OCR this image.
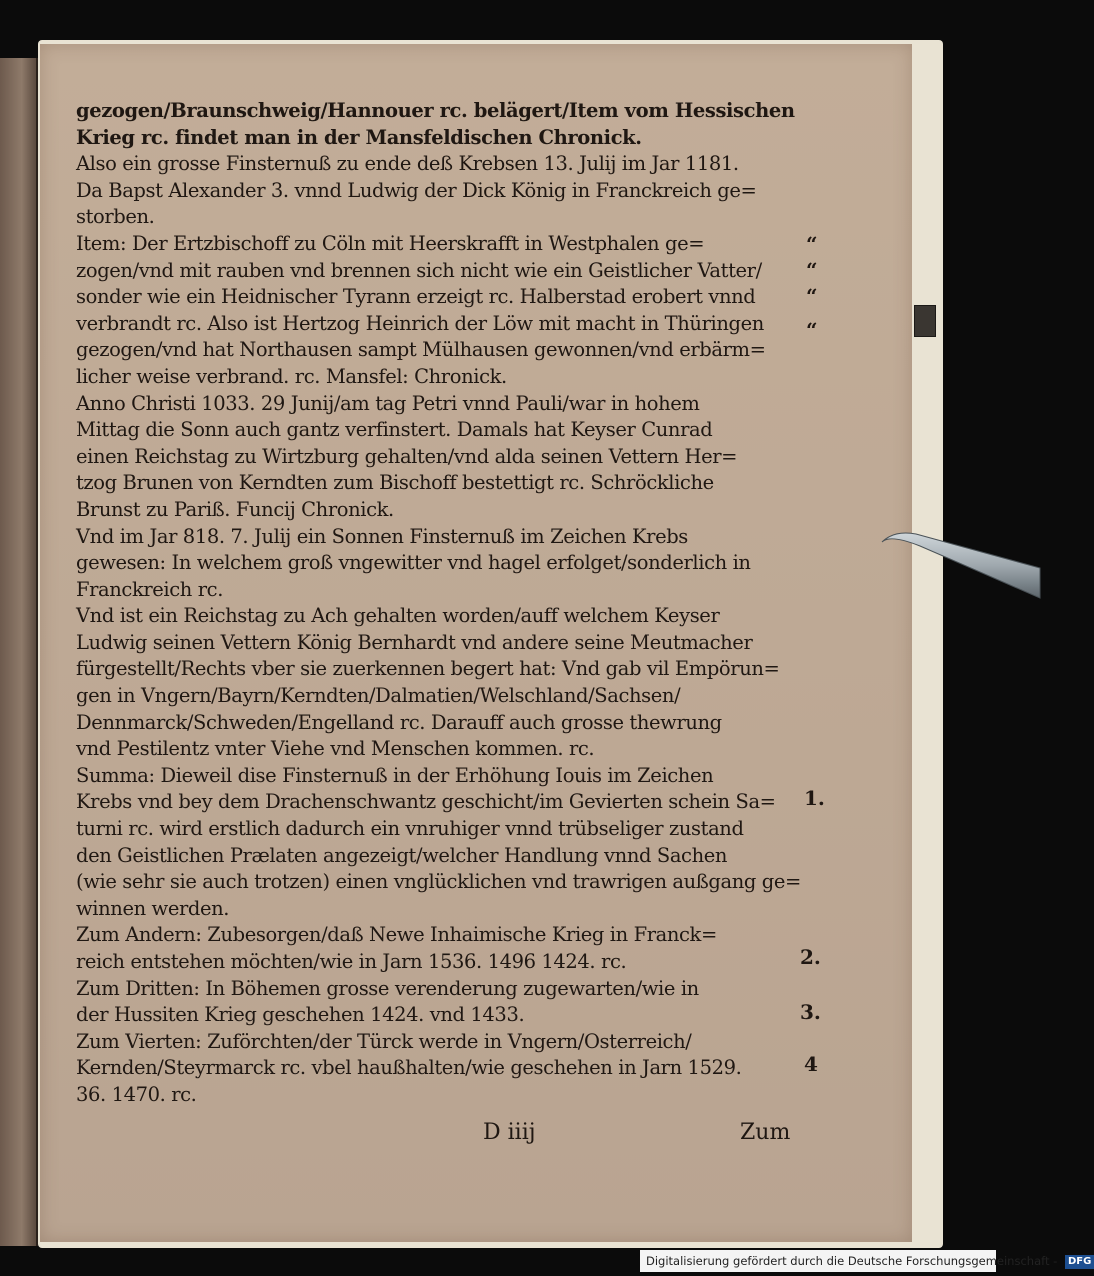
gezogen/Braunschweig/Hannouer rc. belägert/Item vom Hessischen
Krieg rc. findet man in der Mansfeldischen Chronick.
Also ein grosse Finsternuß zu ende deß Krebsen 13. Julij im Jar 1181.
Da Bapst Alexander 3. vnnd Ludwig der Dick König in Franckreich ge=
storben.
Item: Der Ertzbischoff zu Cöln mit Heerskrafft in Westphalen ge=
zogen/vnd mit rauben vnd brennen sich nicht wie ein Geistlicher Vatter/
sonder wie ein Heidnischer Tyrann erzeigt rc. Halberstad erobert vnnd
verbrandt rc. Also ist Hertzog Heinrich der Löw mit macht in Thüringen
gezogen/vnd hat Northausen sampt Mülhausen gewonnen/vnd erbärm=
licher weise verbrand. rc. Mansfel: Chronick.
Anno Christi 1033. 29 Junij/am tag Petri vnnd Pauli/war in hohem
Mittag die Sonn auch gantz verfinstert. Damals hat Keyser Cunrad
einen Reichstag zu Wirtzburg gehalten/vnd alda seinen Vettern Her=
tzog Brunen von Kerndten zum Bischoff bestettigt rc. Schröckliche
Brunst zu Pariß. Funcij Chronick.
Vnd im Jar 818. 7. Julij ein Sonnen Finsternuß im Zeichen Krebs
gewesen: In welchem groß vngewitter vnd hagel erfolget/sonderlich in
Franckreich rc.
Vnd ist ein Reichstag zu Ach gehalten worden/auff welchem Keyser
Ludwig seinen Vettern König Bernhardt vnd andere seine Meutmacher
fürgestellt/Rechts vber sie zuerkennen begert hat: Vnd gab vil Empörun=
gen in Vngern/Bayrn/Kerndten/Dalmatien/Welschland/Sachsen/
Dennmarck/Schweden/Engelland rc. Darauff auch grosse thewrung
vnd Pestilentz vnter Viehe vnd Menschen kommen. rc.
Summa: Dieweil dise Finsternuß in der Erhöhung Iouis im Zeichen
Krebs vnd bey dem Drachenschwantz geschicht/im Gevierten schein Sa=
turni rc. wird erstlich dadurch ein vnruhiger vnnd trübseliger zustand
den Geistlichen Prælaten angezeigt/welcher Handlung vnnd Sachen
(wie sehr sie auch trotzen) einen vnglücklichen vnd trawrigen außgang ge=
winnen werden.
Zum Andern: Zubesorgen/daß Newe Inhaimische Krieg in Franck=
reich entstehen möchten/wie in Jarn 1536. 1496 1424. rc.
Zum Dritten: In Böhemen grosse verenderung zugewarten/wie in
der Hussiten Krieg geschehen 1424. vnd 1433.
Zum Vierten: Zuförchten/der Türck werde in Vngern/Osterreich/
Kernden/Steyrmarck rc. vbel haußhalten/wie geschehen in Jarn 1529.
36. 1470. rc.
“
“
“
“
1.
2.
3.
4
D iiij	Zum
Digitalisierung gefördert durch die Deutsche Forschungsgemeinschaft - DFG
